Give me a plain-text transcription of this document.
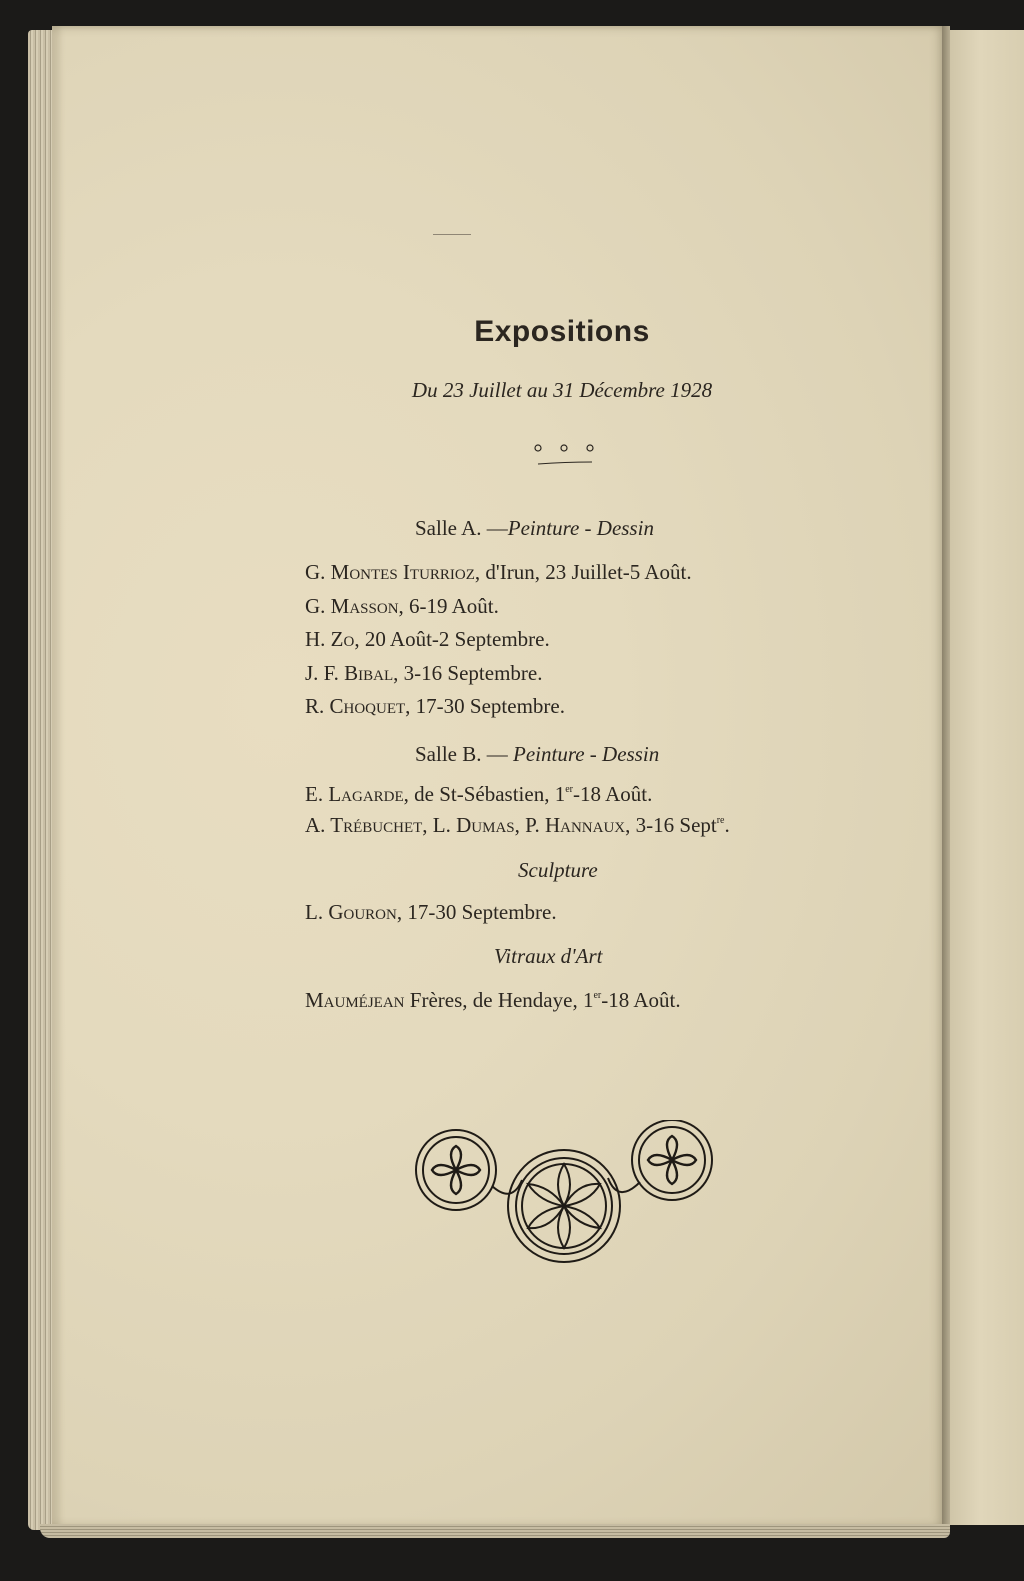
Expositions
Du 23 Juillet au 31 Décembre 1928
Salle A. —Peinture - Dessin
G. Montes Iturrioz, d'Irun, 23 Juillet-5 Août.
G. Masson, 6-19 Août.
H. Zo, 20 Août-2 Septembre.
J. F. Bibal, 3-16 Septembre.
R. Choquet, 17-30 Septembre.
Salle B. — Peinture - Dessin
E. Lagarde, de St-Sébastien, 1er-18 Août.
A. Trébuchet, L. Dumas, P. Hannaux, 3-16 Sept$^{re}$.
Sculpture
L. Gouron, 17-30 Septembre.
Vitraux d'Art
Mauméjean Frères, de Hendaye, 1er-18 Août.
